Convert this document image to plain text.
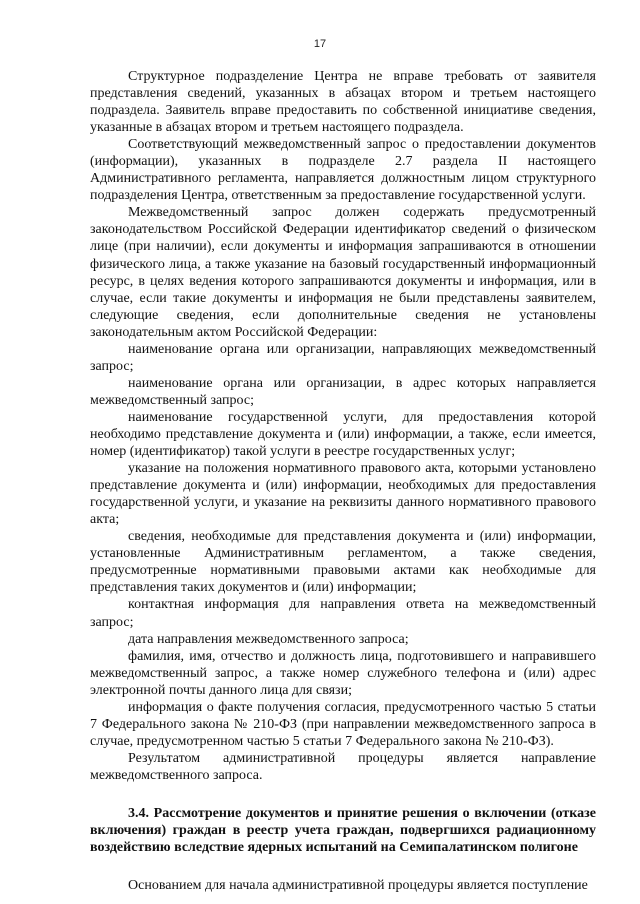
17

Структурное подразделение Центра не вправе требовать от заявителя представления сведений, указанных в абзацах втором и третьем настоящего подраздела. Заявитель вправе предоставить по собственной инициативе сведения, указанные в абзацах втором и третьем настоящего подраздела.

Соответствующий межведомственный запрос о предоставлении документов (информации), указанных в подразделе 2.7 раздела II настоящего Административного регламента, направляется должностным лицом структурного подразделения Центра, ответственным за предоставление государственной услуги.

Межведомственный запрос должен содержать предусмотренный законодательством Российской Федерации идентификатор сведений о физическом лице (при наличии), если документы и информация запрашиваются в отношении физического лица, а также указание на базовый государственный информационный ресурс, в целях ведения которого запрашиваются документы и информация, или в случае, если такие документы и информация не были представлены заявителем, следующие сведения, если дополнительные сведения не установлены законодательным актом Российской Федерации:

наименование органа или организации, направляющих межведомственный запрос;

наименование органа или организации, в адрес которых направляется межведомственный запрос;

наименование государственной услуги, для предоставления которой необходимо представление документа и (или) информации, а также, если имеется, номер (идентификатор) такой услуги в реестре государственных услуг;

указание на положения нормативного правового акта, которыми установлено представление документа и (или) информации, необходимых для предоставления государственной услуги, и указание на реквизиты данного нормативного правового акта;

сведения, необходимые для представления документа и (или) информации, установленные Административным регламентом, а также сведения, предусмотренные нормативными правовыми актами как необходимые для представления таких документов и (или) информации;

контактная информация для направления ответа на межведомственный запрос;

дата направления межведомственного запроса;

фамилия, имя, отчество и должность лица, подготовившего и направившего межведомственный запрос, а также номер служебного телефона и (или) адрес электронной почты данного лица для связи;

информация о факте получения согласия, предусмотренного частью 5 статьи 7 Федерального закона № 210-ФЗ (при направлении межведомственного запроса в случае, предусмотренном частью 5 статьи 7 Федерального закона № 210-ФЗ).

Результатом административной процедуры является направление межведомственного запроса.

3.4. Рассмотрение документов и принятие решения о включении (отказе включения) граждан в реестр учета граждан, подвергшихся радиационному воздействию вследствие ядерных испытаний на Семипалатинском полигоне

Основанием для начала административной процедуры является поступление
